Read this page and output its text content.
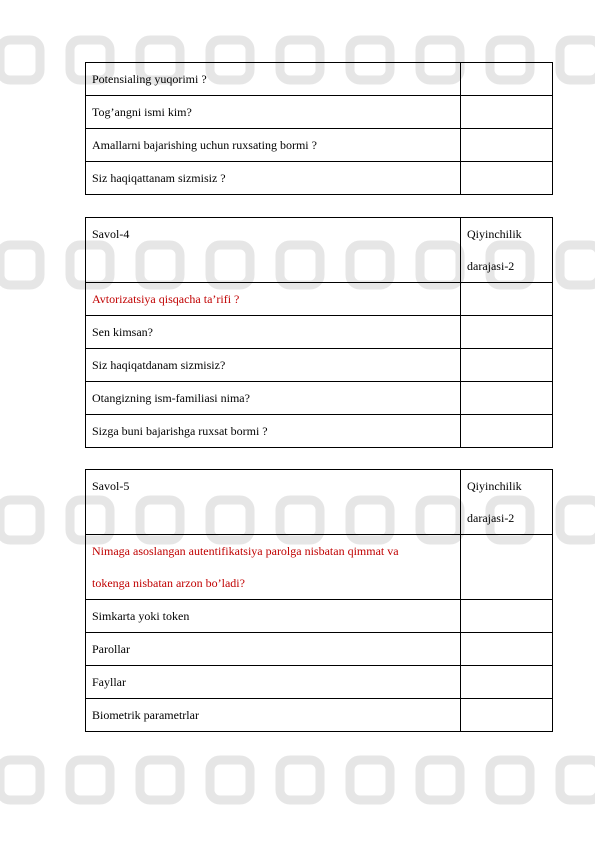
Potensialing yuqorimi ?	
Tog’angni ismi kim?	
Amallarni bajarishing uchun ruxsating bormi ?	
Siz haqiqattanam sizmisiz ?	
Savol-4	Qiyinchilik
darajasi-2

Avtorizatsiya qisqacha ta’rifi ?	
Sen kimsan?	
Siz haqiqatdanam sizmisiz?	
Otangizning ism-familiasi nima?	
Sizga buni bajarishga ruxsat bormi ?	
Savol-5	Qiyinchilik
darajasi-2

Nimaga asoslangan autentifikatsiya parolga nisbatan qimmat va
tokenga nisbatan arzon bo’ladi?	

Simkarta yoki token	
Parollar	
Fayllar	
Biometrik parametrlar	
